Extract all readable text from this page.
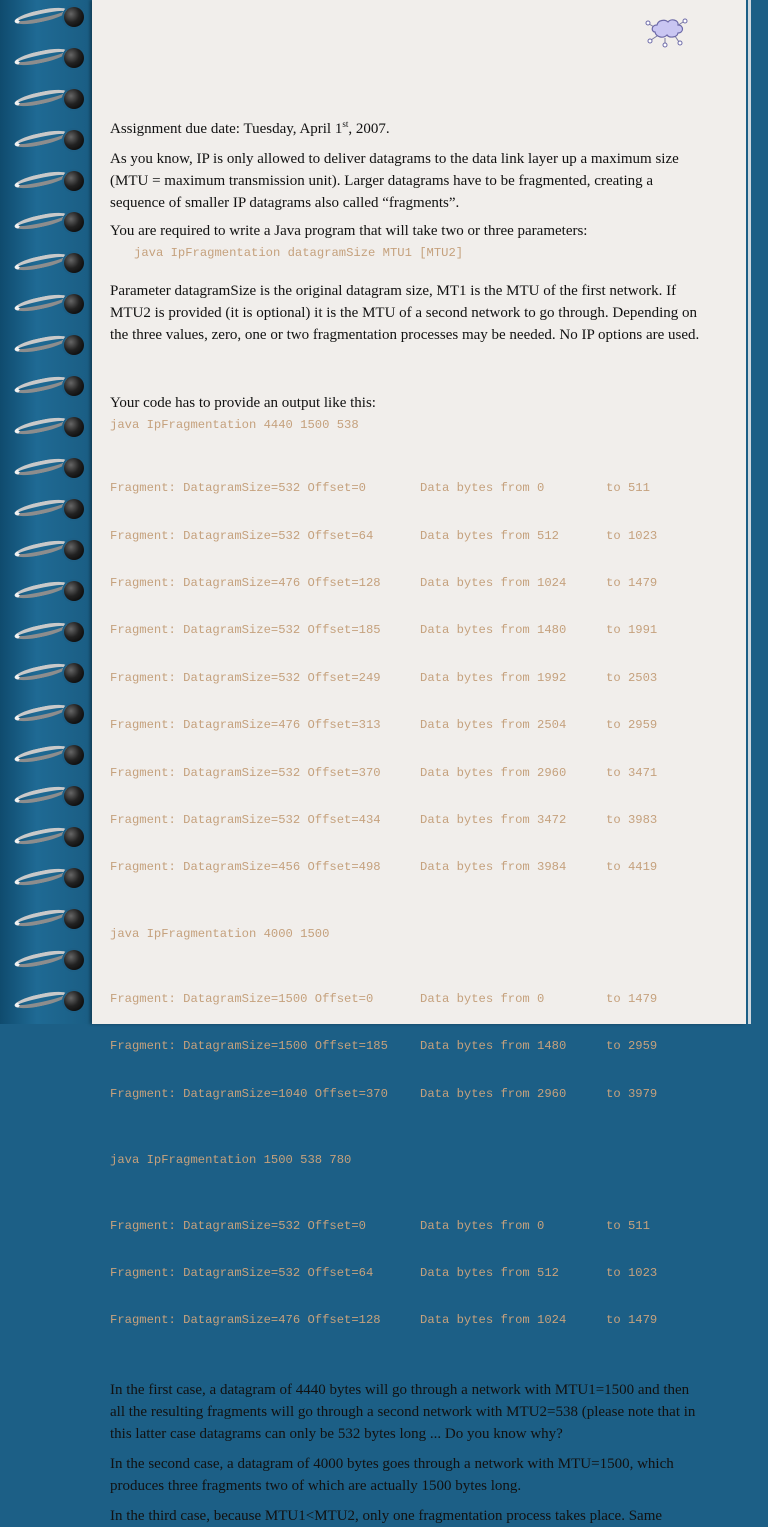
Assignment due date: Tuesday, April 1st, 2007.

As you know, IP is only allowed to deliver datagrams to the data link layer up a maximum size (MTU = maximum transmission unit). Larger datagrams have to be fragmented, creating a sequence of smaller IP datagrams also called “fragments”.

You are required to write a Java program that will take two or three parameters:

java IpFragmentation datagramSize MTU1 [MTU2]

Parameter datagramSize is the original datagram size, MT1 is the MTU of the first network. If MTU2 is provided (it is optional) it is the MTU of a second network to go through. Depending on the three values, zero, one or two fragmentation processes may be needed. No IP options are used.

Your code has to provide an output like this:

java IpFragmentation 4440 1500 538

Fragment: DatagramSize=532 Offset=0	Data bytes from 0	to 511

Fragment: DatagramSize=532 Offset=64	Data bytes from 512	to 1023

Fragment: DatagramSize=476 Offset=128	Data bytes from 1024	to 1479

Fragment: DatagramSize=532 Offset=185	Data bytes from 1480	to 1991

Fragment: DatagramSize=532 Offset=249	Data bytes from 1992	to 2503

Fragment: DatagramSize=476 Offset=313	Data bytes from 2504	to 2959

Fragment: DatagramSize=532 Offset=370	Data bytes from 2960	to 3471

Fragment: DatagramSize=532 Offset=434	Data bytes from 3472	to 3983

Fragment: DatagramSize=456 Offset=498	Data bytes from 3984	to 4419

java IpFragmentation 4000 1500

Fragment: DatagramSize=1500 Offset=0	Data bytes from 0	to 1479

Fragment: DatagramSize=1500 Offset=185	Data bytes from 1480	to 2959

Fragment: DatagramSize=1040 Offset=370	Data bytes from 2960	to 3979

java IpFragmentation 1500 538 780

Fragment: DatagramSize=532 Offset=0	Data bytes from 0	to 511

Fragment: DatagramSize=532 Offset=64	Data bytes from 512	to 1023

Fragment: DatagramSize=476 Offset=128	Data bytes from 1024	to 1479

In the first case, a datagram of 4440 bytes will go through a network with MTU1=1500 and then all the resulting fragments will go through a second network with MTU2=538 (please note that in this latter case datagrams can only be 532 bytes long ... Do you know why?

In the second case, a datagram of 4000 bytes goes through a network with MTU=1500, which produces three fragments two of which are actually 1500 bytes long.

In the third case, because MTU1<MTU2, only one fragmentation process takes place. Same
